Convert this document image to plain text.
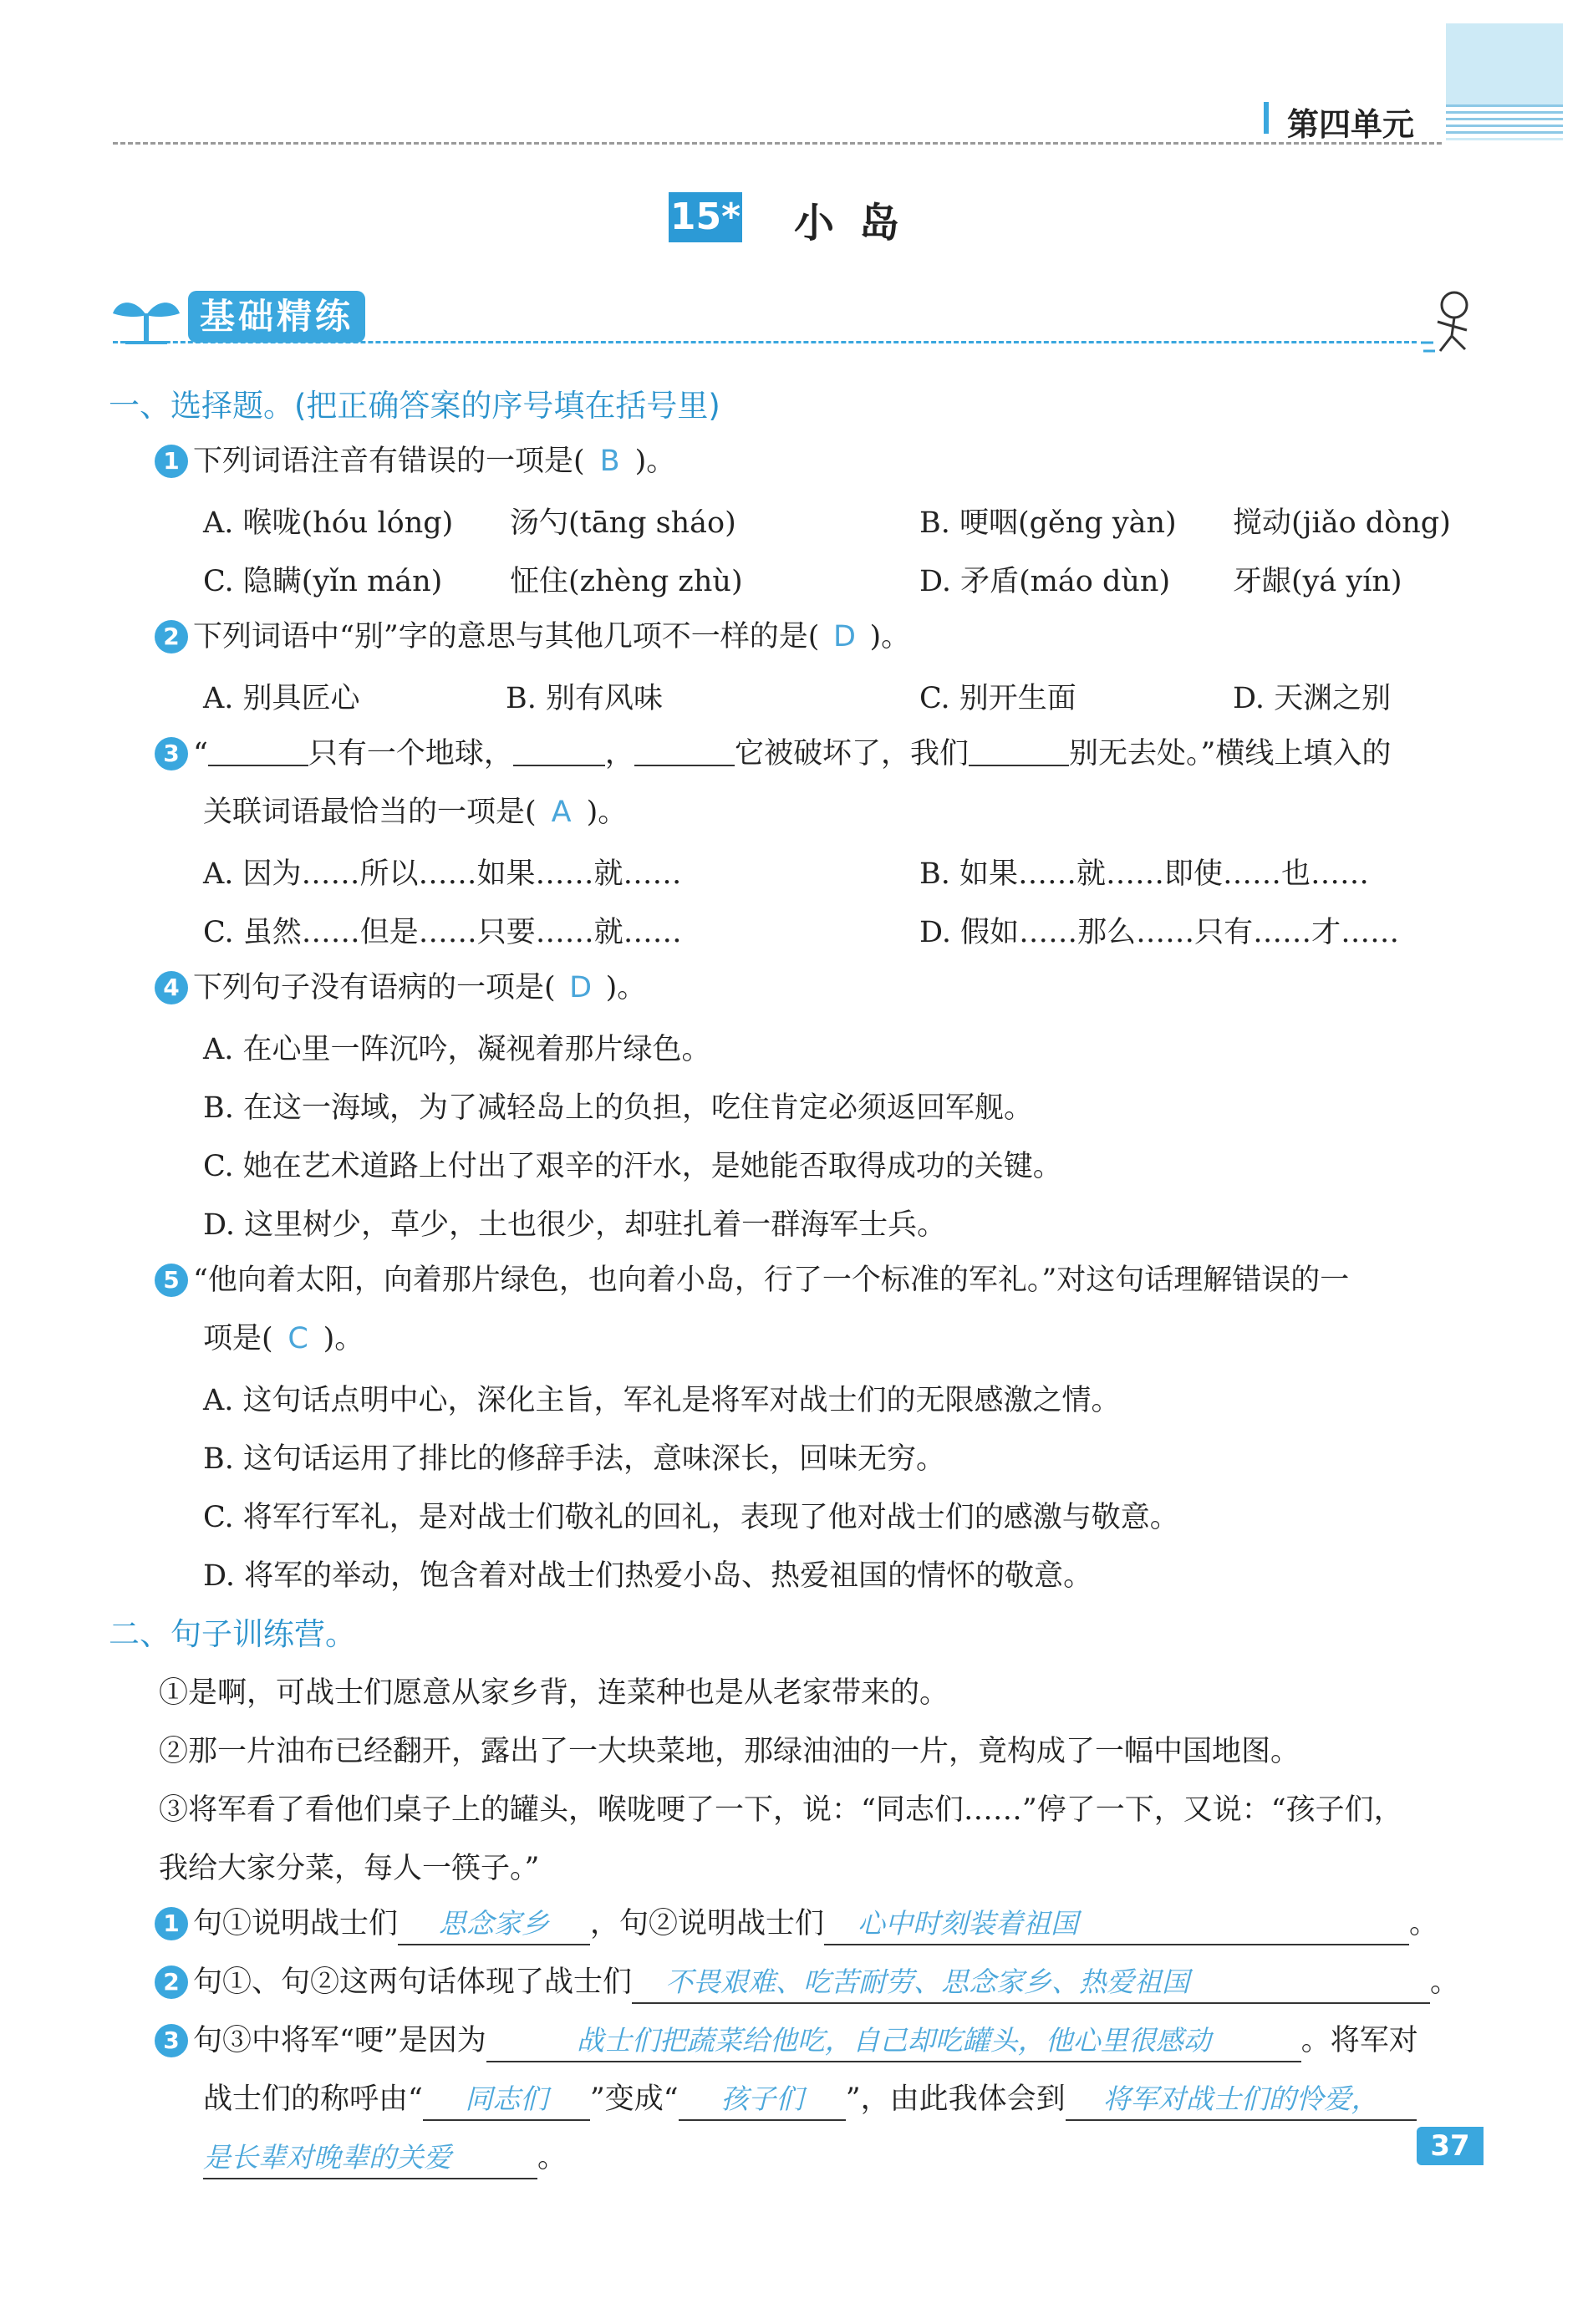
第四单元
15* 小岛
基础精练
一、选择题。(把正确答案的序号填在括号里)
1 下列词语注音有错误的一项是( B )。
A. 喉咙(hóu lóng) 汤勺(tāng sháo)	B. 哽咽(gěng yàn) 搅动(jiǎo dòng)
C. 隐瞒(yǐn mán) 怔住(zhèng zhù)	D. 矛盾(máo dùn) 牙龈(yá yín)
2 下列词语中“别”字的意思与其他几项不一样的是( D )。
A. 别具匠心	B. 别有风味	C. 别开生面	D. 天渊之别
3 “	只有一个地球，	，	它被破坏了，我们	别无去处。”横线上填入的
关联词语最恰当的一项是( A )。
A. 因为……所以……如果……就……	B. 如果……就……即使……也……
C. 虽然……但是……只要……就……	D. 假如……那么……只有……才……
4 下列句子没有语病的一项是( D )。
A. 在心里一阵沉吟，凝视着那片绿色。
B. 在这一海域，为了减轻岛上的负担，吃住肯定必须返回军舰。
C. 她在艺术道路上付出了艰辛的汗水，是她能否取得成功的关键。
D. 这里树少，草少，土也很少，却驻扎着一群海军士兵。
5 “他向着太阳，向着那片绿色，也向着小岛，行了一个标准的军礼。”对这句话理解错误的一
项是( C )。
A. 这句话点明中心，深化主旨，军礼是将军对战士们的无限感激之情。
B. 这句话运用了排比的修辞手法，意味深长，回味无穷。
C. 将军行军礼，是对战士们敬礼的回礼，表现了他对战士们的感激与敬意。
D. 将军的举动，饱含着对战士们热爱小岛、热爱祖国的情怀的敬意。
二、句子训练营。
①是啊，可战士们愿意从家乡背，连菜种也是从老家带来的。
②那一片油布已经翻开，露出了一大块菜地，那绿油油的一片，竟构成了一幅中国地图。
③将军看了看他们桌子上的罐头，喉咙哽了一下，说：“同志们……”停了一下，又说：“孩子们，
我给大家分菜，每人一筷子。”
1 句①说明战士们 思念家乡 ，句②说明战士们 心中时刻装着祖国	。
2 句①、句②这两句话体现了战士们 不畏艰难、吃苦耐劳、思念家乡、热爱祖国	。
3 句③中将军“哽”是因为	战士们把蔬菜给他吃，自己却吃罐头，他心里很感动	。将军对
战士们的称呼由“ 同志们 ”变成“ 孩子们 ”，由此我体会到 将军对战士们的怜爱，
是长辈对晚辈的关爱	。	37
